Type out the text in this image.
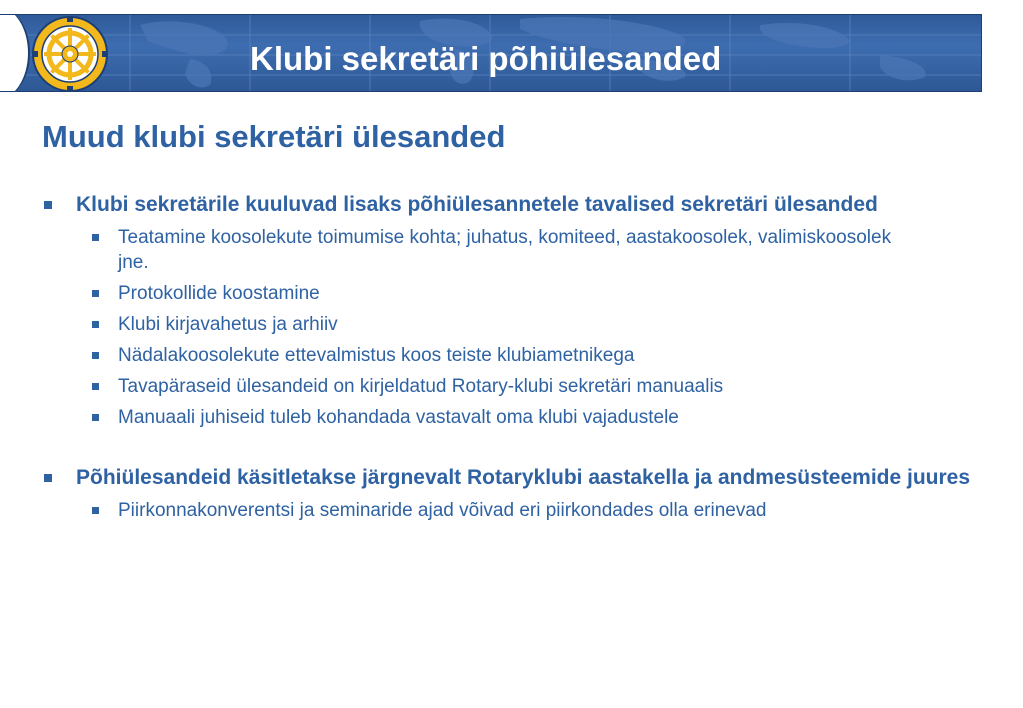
Klubi sekretäri põhiülesanded
Muud klubi sekretäri ülesanded
Klubi sekretärile kuuluvad lisaks põhiülesannetele tavalised sekretäri ülesanded
Teatamine koosolekute toimumise kohta; juhatus, komiteed, aastakoosolek, valimiskoosolek jne.
Protokollide koostamine
Klubi kirjavahetus ja arhiiv
Nädalakoosolekute ettevalmistus koos teiste klubiametnikega
Tavapäraseid ülesandeid on kirjeldatud Rotary-klubi sekretäri manuaalis
Manuaali juhiseid tuleb kohandada vastavalt oma klubi vajadustele
Põhiülesandeid käsitletakse järgnevalt Rotaryklubi aastakella ja andmesüsteemide juures
Piirkonnakonverentsi ja seminaride ajad võivad eri piirkondades olla erinevad
